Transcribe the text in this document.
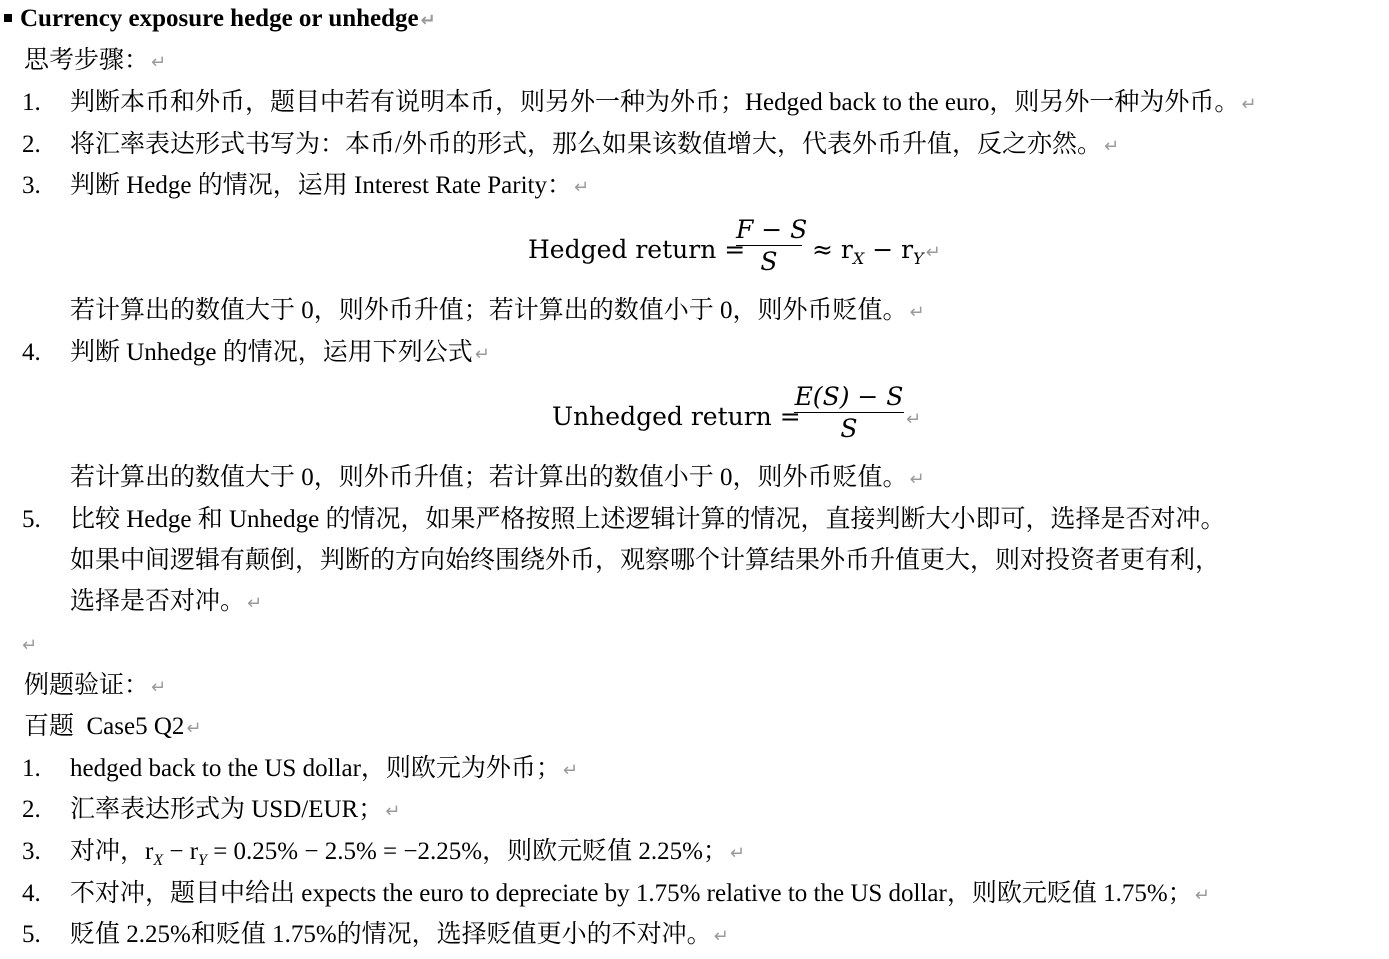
Currency exposure hedge or unhedge ↵
思考步骤： ↵
1.	判断本币和外币，题目中若有说明本币，则另外一种为外币；Hedged back to the euro，则另外一种为外币。 ↵
2.	将汇率表达形式书写为：本币/外币的形式，那么如果该数值增大，代表外币升值，反之亦然。 ↵
3.	判断 Hedge 的情况，运用 Interest Rate Parity： ↵
Hedged return =
F − S
S	≈ $r_X - r_Y$ ↵
若计算出的数值大于 0，则外币升值；若计算出的数值小于 0，则外币贬值。 ↵
4.	判断 Unhedge 的情况，运用下列公式 ↵
Unhedged return =
E(S) − S
S	↵
若计算出的数值大于 0，则外币升值；若计算出的数值小于 0，则外币贬值。 ↵
5.	比较 Hedge 和 Unhedge 的情况，如果严格按照上述逻辑计算的情况，直接判断大小即可，选择是否对冲。
如果中间逻辑有颠倒，判断的方向始终围绕外币，观察哪个计算结果外币升值更大，则对投资者更有利，
选择是否对冲。 ↵
↵
例题验证： ↵
百题  Case5 Q2 ↵
1.	hedged back to the US dollar，则欧元为外币； ↵
2.	汇率表达形式为 USD/EUR； ↵
3.	对冲，$r_X - r_Y = 0.25\% - 2.5\% = -2.25\%$，则欧元贬值 2.25%； ↵
4.	不对冲，题目中给出 expects the euro to depreciate by 1.75% relative to the US dollar，则欧元贬值 1.75%； ↵
5.	贬值 2.25%和贬值 1.75%的情况，选择贬值更小的不对冲。 ↵
